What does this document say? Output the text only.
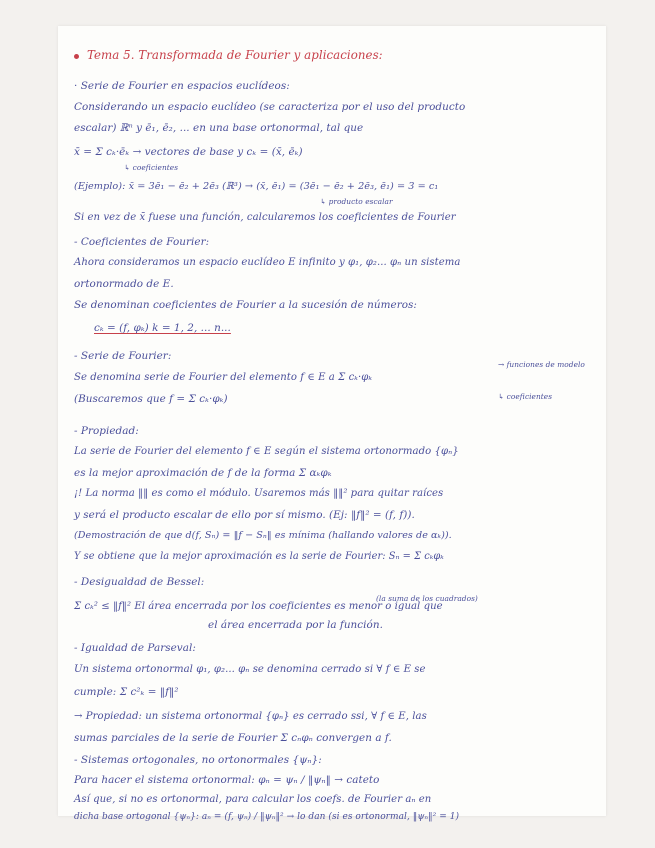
Tema 5. Transformada de Fourier y aplicaciones:
· Serie de Fourier en espacios euclídeos:
Considerando un espacio euclídeo (se caracteriza por el uso del producto
escalar) ℝⁿ y ē₁, ē₂, ... en una base ortonormal, tal que
x̄ = Σ cₖ·ēₖ → vectores de base y cₖ = (x̄, ēₖ)
↳ coeficientes
(Ejemplo): x̄ = 3ē₁ − ē₂ + 2ē₃ (ℝ³) → (x̄, ē₁) = (3ē₁ − ē₂ + 2ē₃, ē₁) = 3 = c₁
↳ producto escalar
Si en vez de x̄ fuese una función, calcularemos los coeficientes de Fourier
- Coeficientes de Fourier:
Ahora consideramos un espacio euclídeo E infinito y φ₁, φ₂... φₙ un sistema
ortonormado de E.
Se denominan coeficientes de Fourier a la sucesión de números:
cₖ = (f, φₖ) k = 1, 2, ... n...
- Serie de Fourier:
→ funciones de modelo
Se denomina serie de Fourier del elemento f ∈ E a Σ cₖ·φₖ
(Buscaremos que f = Σ cₖ·φₖ)	↳ coeficientes
- Propiedad:
La serie de Fourier del elemento f ∈ E según el sistema ortonormado {φₙ}
es la mejor aproximación de f de la forma Σ αₖφₖ
¡! La norma ‖‖ es como el módulo. Usaremos más ‖‖² para quitar raíces
y será el producto escalar de ello por sí mismo. (Ej: ‖f‖² = (f, f)).
(Demostración de que d(f, Sₙ) = ‖f − Sₙ‖ es mínima (hallando valores de αₖ)).
Y se obtiene que la mejor aproximación es la serie de Fourier: Sₙ = Σ cₖφₖ
- Desigualdad de Bessel:
(la suma de los cuadrados)
Σ cₖ² ≤ ‖f‖² El área encerrada por los coeficientes es menor o igual que
el área encerrada por la función.
- Igualdad de Parseval:
Un sistema ortonormal φ₁, φ₂... φₙ se denomina cerrado si ∀ f ∈ E se
cumple: Σ c²ₖ = ‖f‖²
→ Propiedad: un sistema ortonormal {φₙ} es cerrado ssi, ∀ f ∈ E, las
sumas parciales de la serie de Fourier Σ cₙφₙ convergen a f.
- Sistemas ortogonales, no ortonormales {ψₙ}:
Para hacer el sistema ortonormal: φₙ = ψₙ / ‖ψₙ‖ → cateto
Así que, si no es ortonormal, para calcular los coefs. de Fourier aₙ en
dicha base ortogonal {ψₙ}: aₙ = (f, ψₙ) / ‖ψₙ‖² → lo dan (si es ortonormal, ‖ψₙ‖² = 1)
